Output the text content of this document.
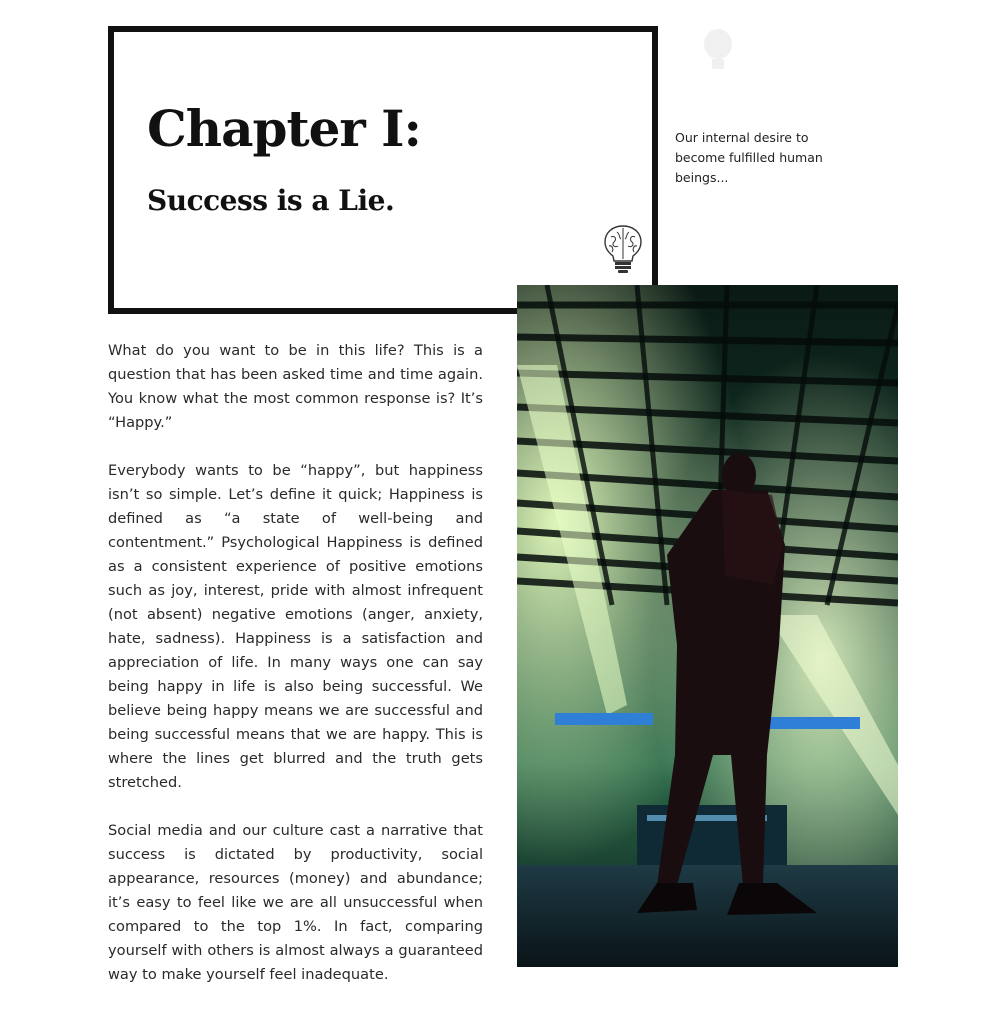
Chapter I:
Success is a Lie.
Our internal desire to become fulfilled human beings...

What do you want to be in this life? This is a question that has been asked time and time again. You know what the most common response is? It’s “Happy.”

Everybody wants to be “happy”, but happiness isn’t so simple. Let’s define it quick; Happiness is defined as “a state of well-being and contentment.” Psychological Happiness is defined as a consistent experience of positive emotions such as joy, interest, pride with almost infrequent (not absent) negative emotions (anger, anxiety, hate, sadness). Happiness is a satisfaction and appreciation of life. In many ways one can say being happy in life is also being successful. We believe being happy means we are successful and being successful means that we are happy. This is where the lines get blurred and the truth gets stretched.

Social media and our culture cast a narrative that success is dictated by productivity, social appearance, resources (money) and abundance; it’s easy to feel like we are all unsuccessful when compared to the top 1%. In fact, comparing yourself with others is almost always a guaranteed way to make yourself feel inadequate.
